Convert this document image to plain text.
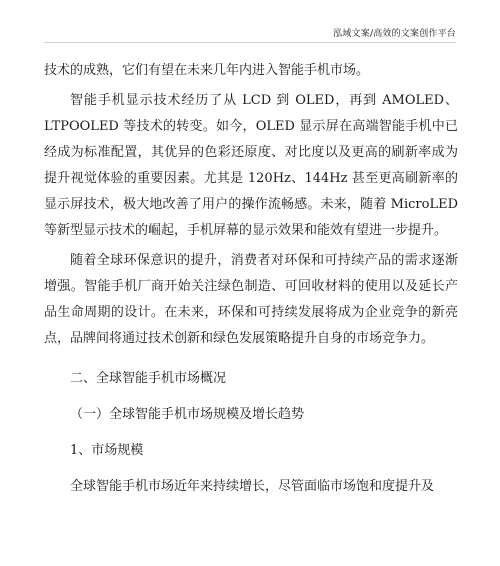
泓域文案/高效的文案创作平台

技术的成熟，它们有望在未来几年内进入智能手机市场。

智能手机显示技术经历了从 LCD 到 OLED，再到 AMOLED、LTPOOLED 等技术的转变。如今，OLED 显示屏在高端智能手机中已经成为标准配置，其优异的色彩还原度、对比度以及更高的刷新率成为提升视觉体验的重要因素。尤其是 120Hz、144Hz 甚至更高刷新率的显示屏技术，极大地改善了用户的操作流畅感。未来，随着 MicroLED 等新型显示技术的崛起，手机屏幕的显示效果和能效有望进一步提升。

随着全球环保意识的提升，消费者对环保和可持续产品的需求逐渐增强。智能手机厂商开始关注绿色制造、可回收材料的使用以及延长产品生命周期的设计。在未来，环保和可持续发展将成为企业竞争的新亮点，品牌间将通过技术创新和绿色发展策略提升自身的市场竞争力。

二、全球智能手机市场概况

（一）全球智能手机市场规模及增长趋势

1、市场规模

全球智能手机市场近年来持续增长，尽管面临市场饱和度提升及
